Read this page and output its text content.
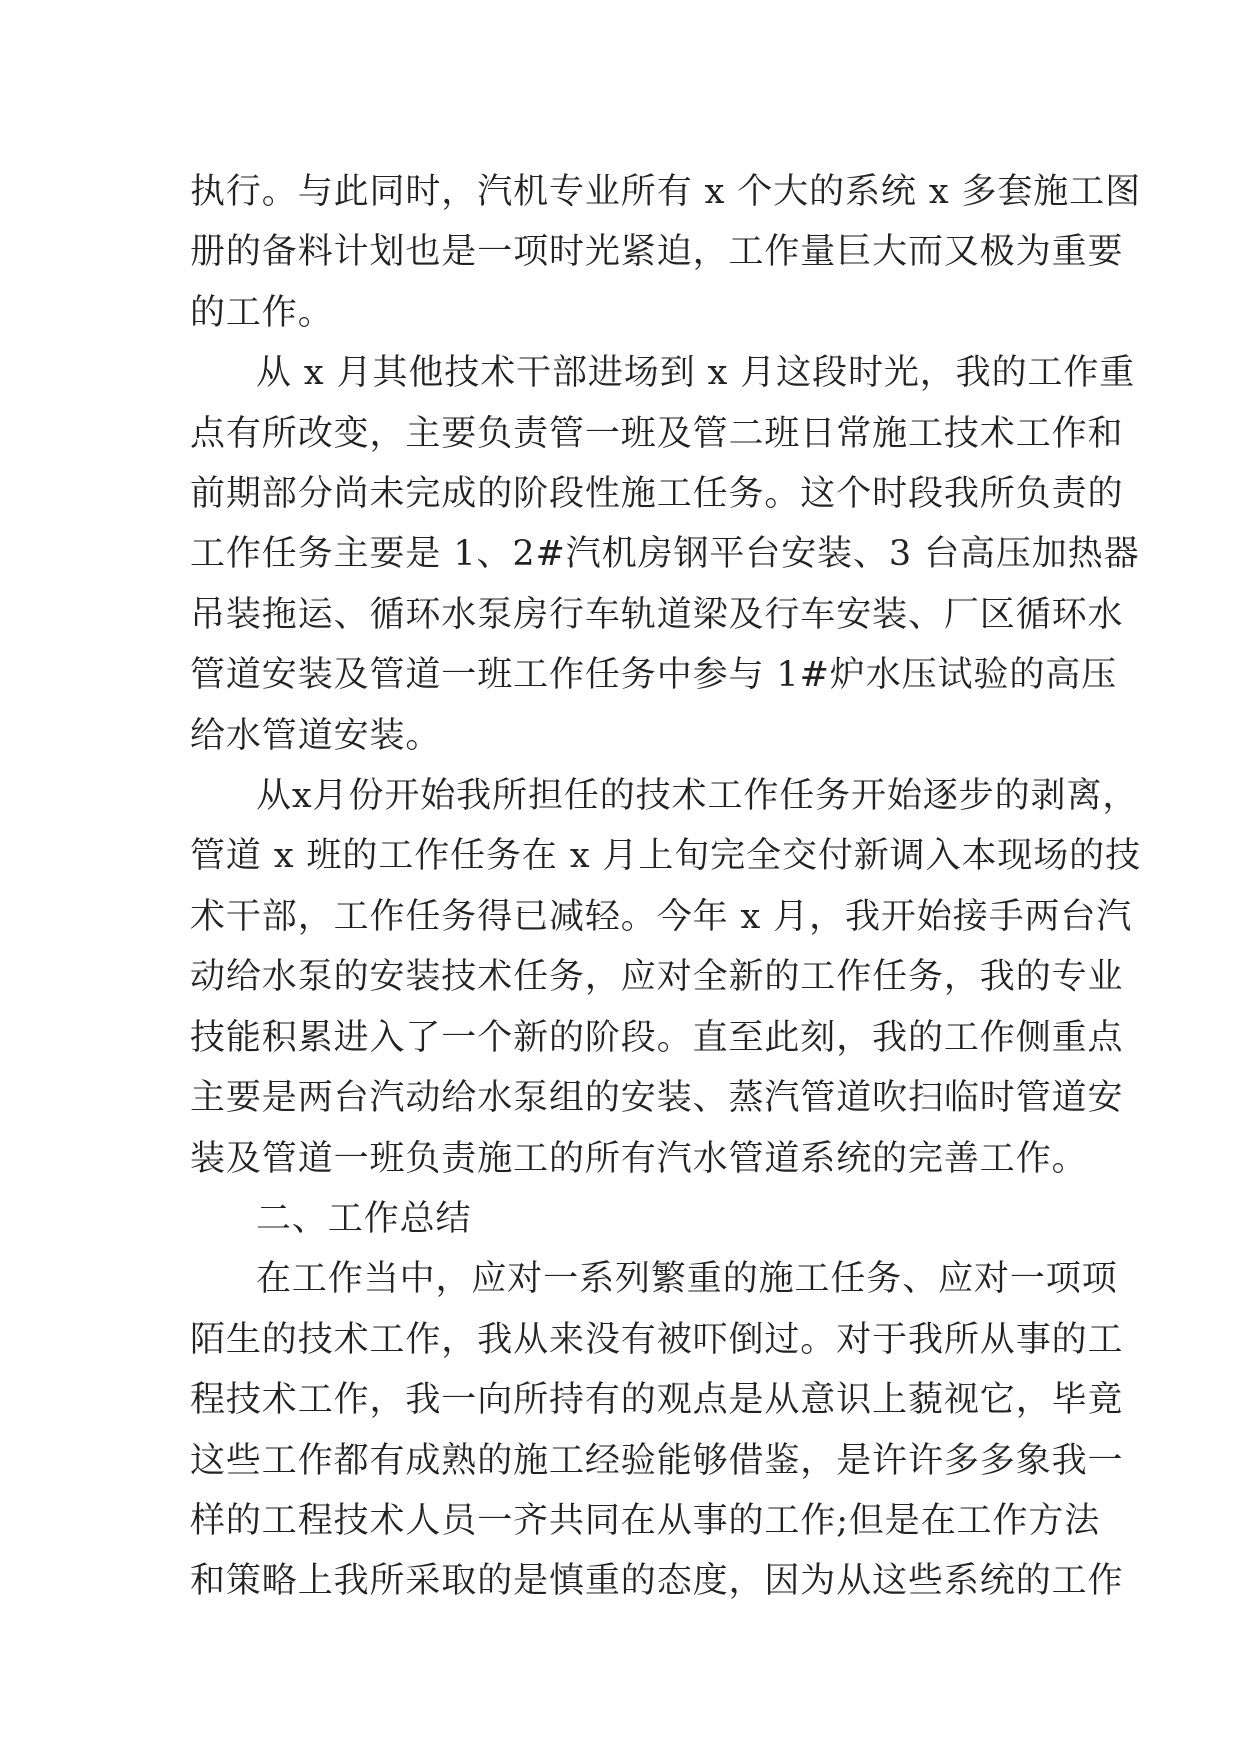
执行。与此同时，汽机专业所有 x 个大的系统 x 多套施工图
册的备料计划也是一项时光紧迫，工作量巨大而又极为重要
的工作。
从 x 月其他技术干部进场到 x 月这段时光，我的工作重
点有所改变，主要负责管一班及管二班日常施工技术工作和
前期部分尚未完成的阶段性施工任务。这个时段我所负责的
工作任务主要是 1、2#汽机房钢平台安装、3 台高压加热器
吊装拖运、循环水泵房行车轨道梁及行车安装、厂区循环水
管道安装及管道一班工作任务中参与 1#炉水压试验的高压
给水管道安装。
从x月份开始我所担任的技术工作任务开始逐步的剥离，
管道 x 班的工作任务在 x 月上旬完全交付新调入本现场的技
术干部，工作任务得已减轻。今年 x 月，我开始接手两台汽
动给水泵的安装技术任务，应对全新的工作任务，我的专业
技能积累进入了一个新的阶段。直至此刻，我的工作侧重点
主要是两台汽动给水泵组的安装、蒸汽管道吹扫临时管道安
装及管道一班负责施工的所有汽水管道系统的完善工作。
二、工作总结
在工作当中，应对一系列繁重的施工任务、应对一项项
陌生的技术工作，我从来没有被吓倒过。对于我所从事的工
程技术工作，我一向所持有的观点是从意识上藐视它，毕竟
这些工作都有成熟的施工经验能够借鉴，是许许多多象我一
样的工程技术人员一齐共同在从事的工作;但是在工作方法
和策略上我所采取的是慎重的态度，因为从这些系统的工作
